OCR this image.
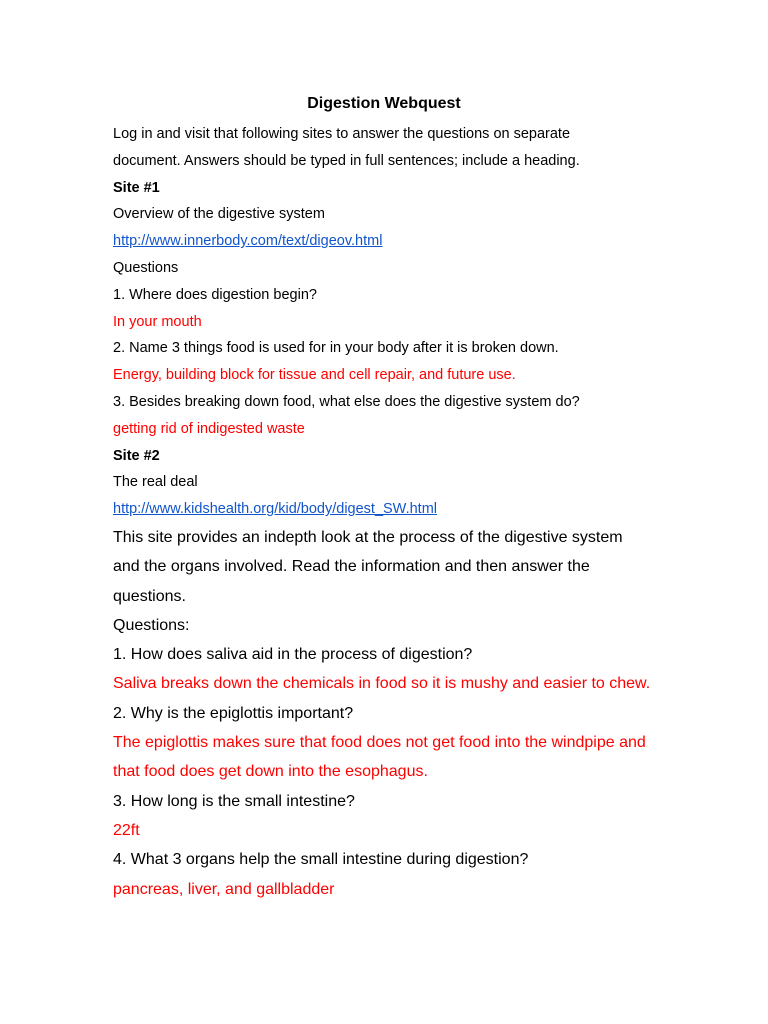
Digestion Webquest
Log in and visit that following sites to answer the questions on separate
document. Answers should be typed in full sentences; include a heading.
Site #1
Overview of the digestive system
http://www.innerbody.com/text/digeov.html
Questions
1. Where does digestion begin?
In your mouth
2. Name 3 things food is used for in your body after it is broken down.
Energy, building block for tissue and cell repair, and future use.
3. Besides breaking down food, what else does the digestive system do?
getting rid of indigested waste
Site #2
The real deal
http://www.kidshealth.org/kid/body/digest_SW.html
This site provides an indepth look at the process of the digestive system and the organs involved. Read the information and then answer the questions.
Questions:
1. How does saliva aid in the process of digestion?
Saliva breaks down the chemicals in food so it is mushy and easier to chew.
2. Why is the epiglottis important?
The epiglottis makes sure that food does not get food into the windpipe and that food does get down into the esophagus.
3. How long is the small intestine?
22ft
4. What 3 organs help the small intestine during digestion?
pancreas, liver, and gallbladder
